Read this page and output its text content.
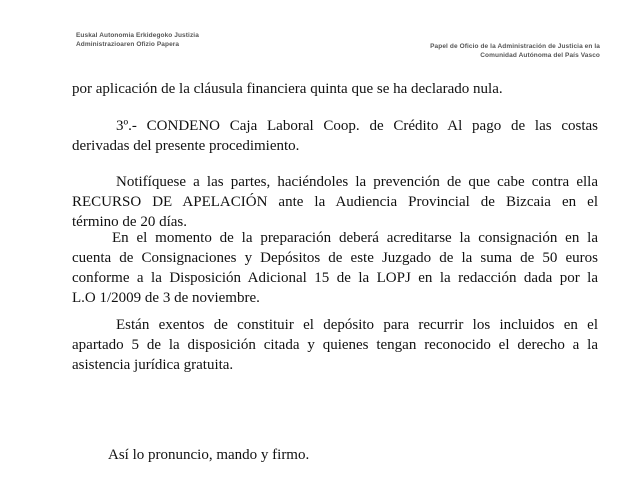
Euskal Autonomia Erkidegoko Justizia
Administrazioaren Ofizio Papera	Papel de Oficio de la Administración de Justicia en la
Comunidad Autónoma del País Vasco
por aplicación de la cláusula financiera quinta que se ha declarado nula.
3º.- CONDENO Caja Laboral Coop. de Crédito Al pago de las costas
derivadas del presente procedimiento.
Notifíquese a las partes, haciéndoles la prevención de que cabe contra ella
RECURSO DE APELACIÓN ante la Audiencia Provincial de Bizcaia en el
término de 20 días.
En el momento de la preparación deberá acreditarse la consignación en la
cuenta de Consignaciones y Depósitos de este Juzgado de la suma de 50 euros
conforme a la Disposición Adicional 15 de la LOPJ en la redacción dada por la
L.O 1/2009 de 3 de noviembre.
Están exentos de constituir el depósito para recurrir los incluidos en el
apartado 5 de la disposición citada y quienes tengan reconocido el derecho a la
asistencia jurídica gratuita.
Así lo pronuncio, mando y firmo.
